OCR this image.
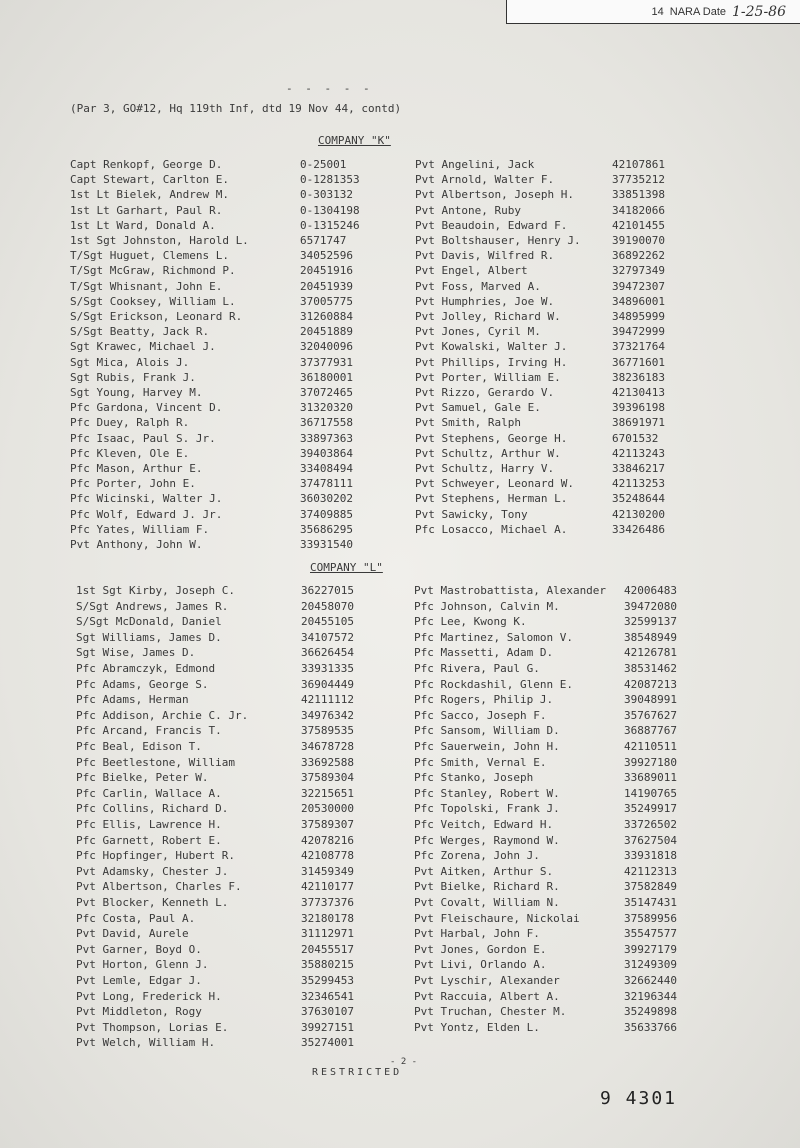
14 NARA Date 1-25-86
- - - - -
(Par 3, GO#12, Hq 119th Inf, dtd 19 Nov 44, contd)
COMPANY "K"
Capt Renkopf, George D.	0-25001	Pvt Angelini, Jack	42107861
Capt Stewart, Carlton E.	0-1281353	Pvt Arnold, Walter F.	37735212
1st Lt Bielek, Andrew M.	0-303132	Pvt Albertson, Joseph H.	33851398
1st Lt Garhart, Paul R.	0-1304198	Pvt Antone, Ruby	34182066
1st Lt Ward, Donald A.	0-1315246	Pvt Beaudoin, Edward F.	42101455
1st Sgt Johnston, Harold L.	6571747	Pvt Boltshauser, Henry J.	39190070
T/Sgt Huguet, Clemens L.	34052596	Pvt Davis, Wilfred R.	36892262
T/Sgt McGraw, Richmond P.	20451916	Pvt Engel, Albert	32797349
T/Sgt Whisnant, John E.	20451939	Pvt Foss, Marved A.	39472307
S/Sgt Cooksey, William L.	37005775	Pvt Humphries, Joe W.	34896001
S/Sgt Erickson, Leonard R.	31260884	Pvt Jolley, Richard W.	34895999
S/Sgt Beatty, Jack R.	20451889	Pvt Jones, Cyril M.	39472999
Sgt Krawec, Michael J.	32040096	Pvt Kowalski, Walter J.	37321764
Sgt Mica, Alois J.	37377931	Pvt Phillips, Irving H.	36771601
Sgt Rubis, Frank J.	36180001	Pvt Porter, William E.	38236183
Sgt Young, Harvey M.	37072465	Pvt Rizzo, Gerardo V.	42130413
Pfc Gardona, Vincent D.	31320320	Pvt Samuel, Gale E.	39396198
Pfc Duey, Ralph R.	36717558	Pvt Smith, Ralph	38691971
Pfc Isaac, Paul S. Jr.	33897363	Pvt Stephens, George H.	6701532
Pfc Kleven, Ole E.	39403864	Pvt Schultz, Arthur W.	42113243
Pfc Mason, Arthur E.	33408494	Pvt Schultz, Harry V.	33846217
Pfc Porter, John E.	37478111	Pvt Schweyer, Leonard W.	42113253
Pfc Wicinski, Walter J.	36030202	Pvt Stephens, Herman L.	35248644
Pfc Wolf, Edward J. Jr.	37409885	Pvt Sawicky, Tony	42130200
Pfc Yates, William F.	35686295	Pfc Losacco, Michael A.	33426486
Pvt Anthony, John W.	33931540
COMPANY "L"
1st Sgt Kirby, Joseph C.	36227015	Pvt Mastrobattista, Alexander 42006483
S/Sgt Andrews, James R.	20458070	Pfc Johnson, Calvin M.	39472080
S/Sgt McDonald, Daniel	20455105	Pfc Lee, Kwong K.	32599137
Sgt Williams, James D.	34107572	Pfc Martinez, Salomon V.	38548949
Sgt Wise, James D.	36626454	Pfc Massetti, Adam D.	42126781
Pfc Abramczyk, Edmond	33931335	Pfc Rivera, Paul G.	38531462
Pfc Adams, George S.	36904449	Pfc Rockdashil, Glenn E.	42087213
Pfc Adams, Herman	42111112	Pfc Rogers, Philip J.	39048991
Pfc Addison, Archie C. Jr.	34976342	Pfc Sacco, Joseph F.	35767627
Pfc Arcand, Francis T.	37589535	Pfc Sansom, William D.	36887767
Pfc Beal, Edison T.	34678728	Pfc Sauerwein, John H.	42110511
Pfc Beetlestone, William	33692588	Pfc Smith, Vernal E.	39927180
Pfc Bielke, Peter W.	37589304	Pfc Stanko, Joseph	33689011
Pfc Carlin, Wallace A.	32215651	Pfc Stanley, Robert W.	14190765
Pfc Collins, Richard D.	20530000	Pfc Topolski, Frank J.	35249917
Pfc Ellis, Lawrence H.	37589307	Pfc Veitch, Edward H.	33726502
Pfc Garnett, Robert E.	42078216	Pfc Werges, Raymond W.	37627504
Pfc Hopfinger, Hubert R.	42108778	Pfc Zorena, John J.	33931818
Pvt Adamsky, Chester J.	31459349	Pvt Aitken, Arthur S.	42112313
Pvt Albertson, Charles F.	42110177	Pvt Bielke, Richard R.	37582849
Pvt Blocker, Kenneth L.	37737376	Pvt Covalt, William N.	35147431
Pfc Costa, Paul A.	32180178	Pvt Fleischaure, Nickolai	37589956
Pvt David, Aurele	31112971	Pvt Harbal, John F.	35547577
Pvt Garner, Boyd O.	20455517	Pvt Jones, Gordon E.	39927179
Pvt Horton, Glenn J.	35880215	Pvt Livi, Orlando A.	31249309
Pvt Lemle, Edgar J.	35299453	Pvt Lyschir, Alexander	32662440
Pvt Long, Frederick H.	32346541	Pvt Raccuia, Albert A.	32196344
Pvt Middleton, Rogy	37630107	Pvt Truchan, Chester M.	35249898
Pvt Thompson, Lorias E.	39927151	Pvt Yontz, Elden L.	35633766
Pvt Welch, William H.	35274001
- 2 -
RESTRICTED
9 4301
